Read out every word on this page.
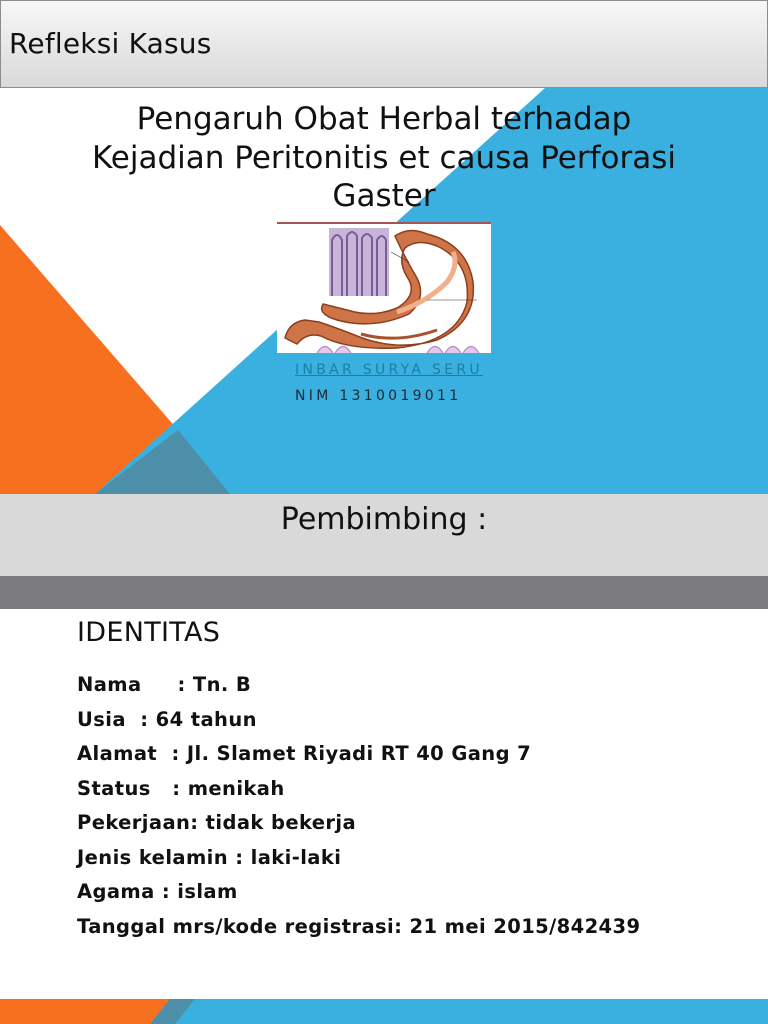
Refleksi Kasus
Pengaruh Obat Herbal terhadap
Kejadian Peritonitis et causa Perforasi
Gaster
INBAR SURYA SERU
NIM 1310019011
Pembimbing :
IDENTITAS
Nama     : Tn. B
Usia  : 64 tahun
Alamat  : Jl. Slamet Riyadi RT 40 Gang 7
Status   : menikah
Pekerjaan: tidak bekerja
Jenis kelamin : laki-laki
Agama : islam
Tanggal mrs/kode registrasi: 21 mei 2015/842439
